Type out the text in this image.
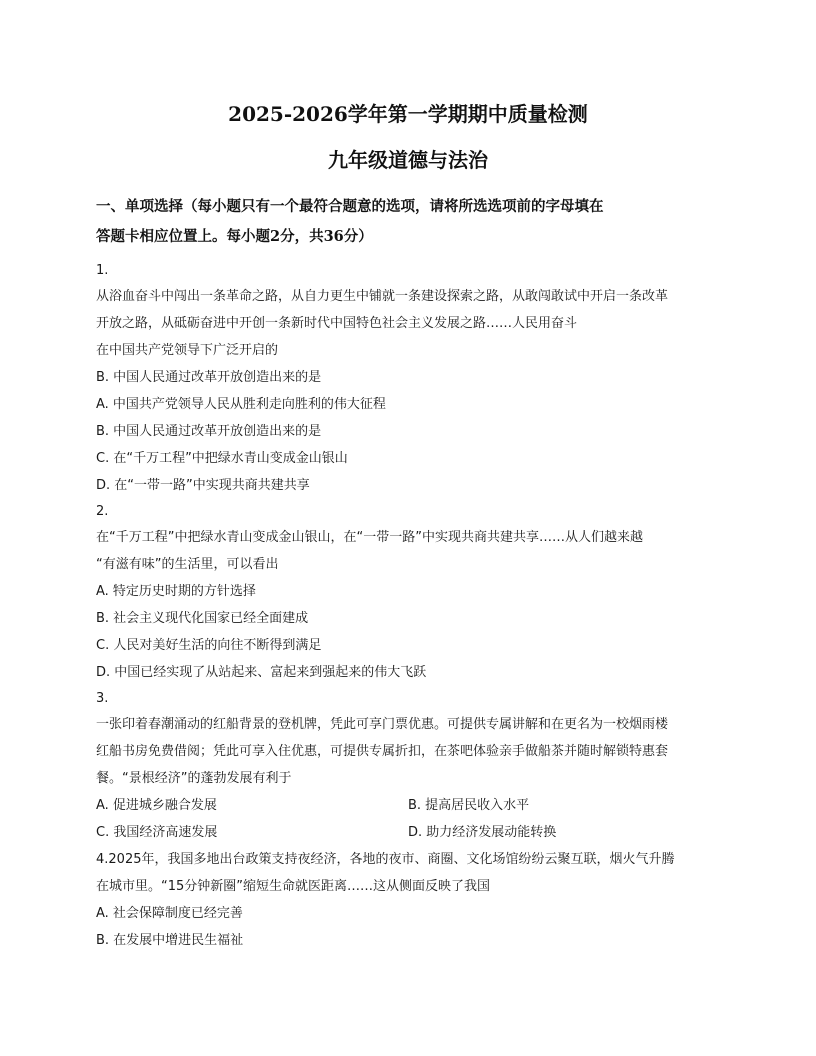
2025-2026学年第一学期期中质量检测
九年级道德与法治
一、单项选择（每小题只有一个最符合题意的选项，请将所选选项前的字母填在
答题卡相应位置上。每小题2分，共36分）
1.
从浴血奋斗中闯出一条革命之路，从自力更生中铺就一条建设探索之路，从敢闯敢试中开启一条改革
开放之路，从砥砺奋进中开创一条新时代中国特色社会主义发展之路……人民用奋斗
在中国共产党领导下广泛开启的
B. 中国人民通过改革开放创造出来的是
A. 中国共产党领导人民从胜利走向胜利的伟大征程
B. 中国人民通过改革开放创造出来的是
C. 在“千万工程”中把绿水青山变成金山银山
D. 在“一带一路”中实现共商共建共享
2.
在“千万工程”中把绿水青山变成金山银山，在“一带一路”中实现共商共建共享……从人们越来越
“有滋有味”的生活里，可以看出
A. 特定历史时期的方针选择
B. 社会主义现代化国家已经全面建成
C. 人民对美好生活的向往不断得到满足
D. 中国已经实现了从站起来、富起来到强起来的伟大飞跃
3.
一张印着春潮涌动的红船背景的登机牌，凭此可享门票优惠。可提供专属讲解和在更名为一校烟雨楼
红船书房免费借阅；凭此可享入住优惠，可提供专属折扣，在茶吧体验亲手做船茶并随时解锁特惠套
餐。“景根经济”的蓬勃发展有利于
A. 促进城乡融合发展	B. 提高居民收入水平
C. 我国经济高速发展	D. 助力经济发展动能转换
4.2025年，我国多地出台政策支持夜经济，各地的夜市、商圈、文化场馆纷纷云聚互联，烟火气升腾
在城市里。“15分钟新圈”缩短生命就医距离……这从侧面反映了我国
A. 社会保障制度已经完善
B. 在发展中增进民生福祉
